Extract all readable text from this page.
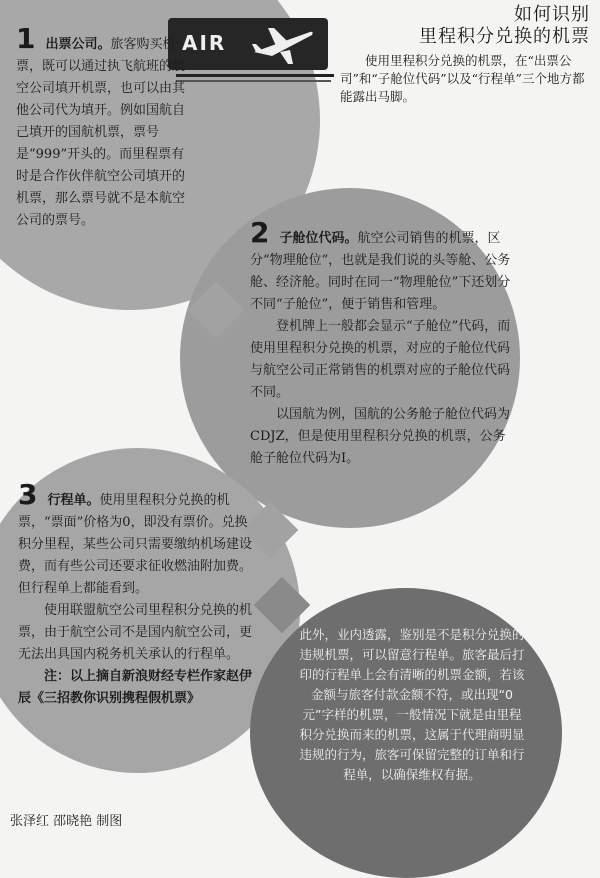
AIR
如何识别
里程积分兑换的机票
使用里程积分兑换的机票，在“出票公司”和“子舱位代码”以及“行程单”三个地方都能露出马脚。

1 出票公司。旅客购买机票，既可以通过执飞航班的航空公司填开机票，也可以由其他公司代为填开。例如国航自己填开的国航机票，票号是“999”开头的。而里程票有时是合作伙伴航空公司填开的机票，那么票号就不是本航空公司的票号。	2 子舱位代码。航空公司销售的机票，区分“物理舱位”，也就是我们说的头等舱、公务舱、经济舱。同时在同一“物理舱位”下还划分不同“子舱位”，便于销售和管理。

登机牌上一般都会显示“子舱位”代码，而使用里程积分兑换的机票，对应的子舱位代码与航空公司正常销售的机票对应的子舱位代码不同。

以国航为例，国航的公务舱子舱位代码为CDJZ，但是使用里程积分兑换的机票，公务舱子舱位代码为I。

3 行程单。使用里程积分兑换的机票，“票面”价格为0，即没有票价。兑换积分里程，某些公司只需要缴纳机场建设费，而有些公司还要求征收燃油附加费。但行程单上都能看到。

使用联盟航空公司里程积分兑换的机票，由于航空公司不是国内航空公司，更无法出具国内税务机关承认的行程单。

注：以上摘自新浪财经专栏作家赵伊辰《三招教你识别携程假机票》

此外，业内透露，鉴别是不是积分兑换的违规机票，可以留意行程单。旅客最后打印的行程单上会有清晰的机票金额，若该金额与旅客付款金额不符，或出现“0元”字样的机票，一般情况下就是由里程积分兑换而来的机票，这属于代理商明显违规的行为，旅客可保留完整的订单和行程单，以确保维权有据。
张泽红 邵晓艳 制图
